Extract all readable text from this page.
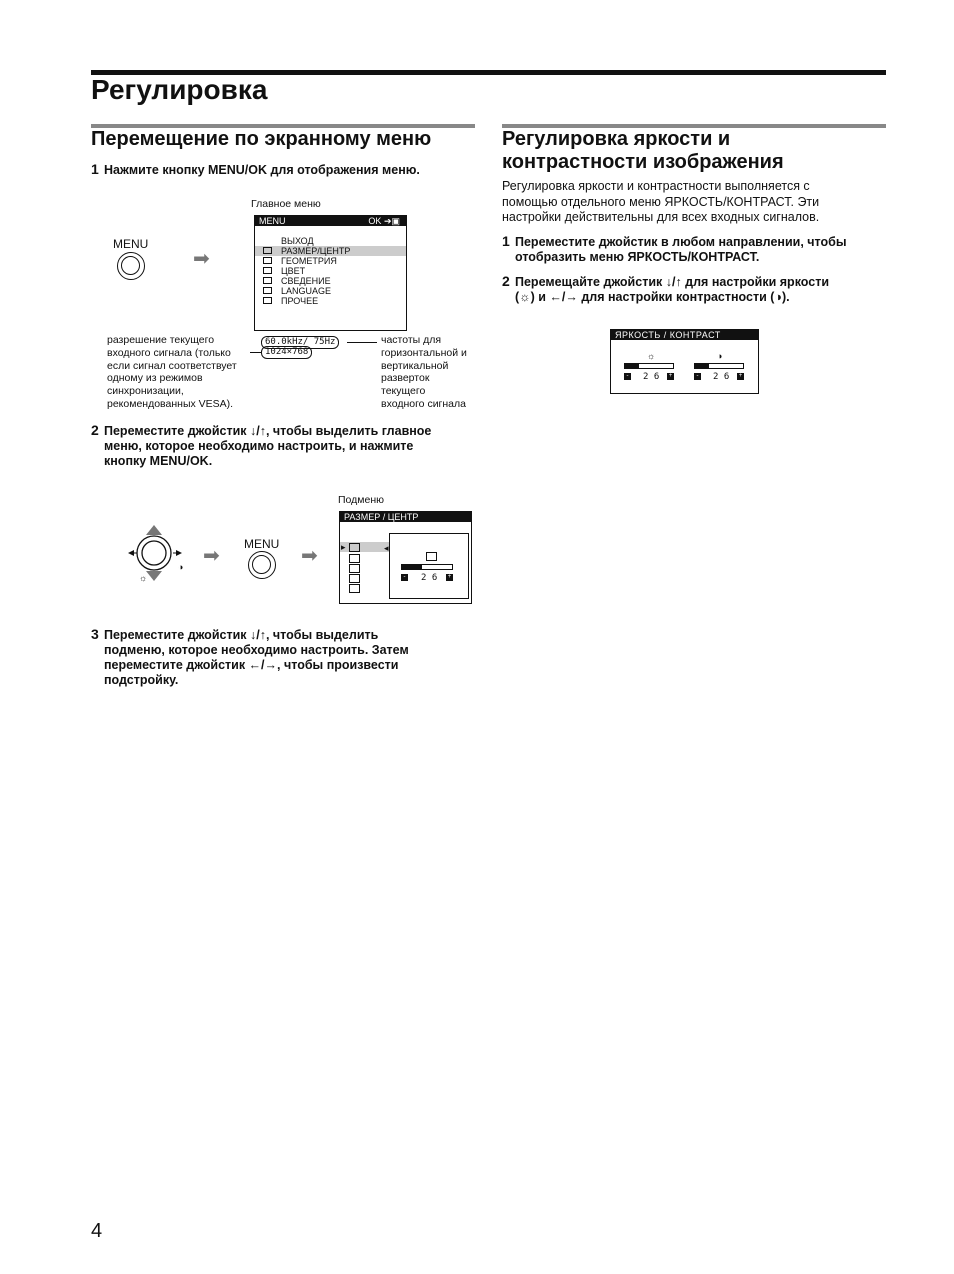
Регулировка
Перемещение по экранному меню
1 Нажмите кнопку MENU/OK для отображения меню.
Главное меню
MENU
➡
MENU	OK ➔▣
ВЫХОД
РАЗМЕР/ЦЕНТР
ГЕОМЕТРИЯ
ЦВЕТ
СВЕДЕНИЕ
LANGUAGE
ПРОЧЕЕ
60.0kHz/ 75Hz
1024×768
разрешение текущего
входного сигнала (только
если сигнал соответствует
одному из режимов
синхронизации,
рекомендованных VESA).
частоты для
горизонтальной и
вертикальной
разверток
текущего
входного сигнала
2 Переместите джойстик ↓/↑, чтобы выделить главное
меню, которое необходимо настроить, и нажмите
кнопку MENU/OK.
Подменю
☼
◑ ➡
MENU
➡
РАЗМЕР / ЦЕНТР
▸	◂
- 2 6 +
3 Переместите джойстик ↓/↑, чтобы выделить
подменю, которое необходимо настроить. Затем
переместите джойстик ←/→, чтобы произвести
подстройку.
Регулировка яркости и
контрастности изображения
Регулировка яркости и контрастности выполняется с
помощью отдельного меню ЯРКОСТЬ/КОНТРАСТ. Эти
настройки действительны для всех входных сигналов.
1 Переместите джойстик в любом направлении, чтобы
отобразить меню ЯРКОСТЬ/КОНТРАСТ.
2 Перемещайте джойстик ↓/↑ для настройки яркости
(☼) и ←/→ для настройки контрастности (◑).
ЯРКОСТЬ / КОНТРАСТ
☼	◑
- 2 6 +	- 2 6 +
4
